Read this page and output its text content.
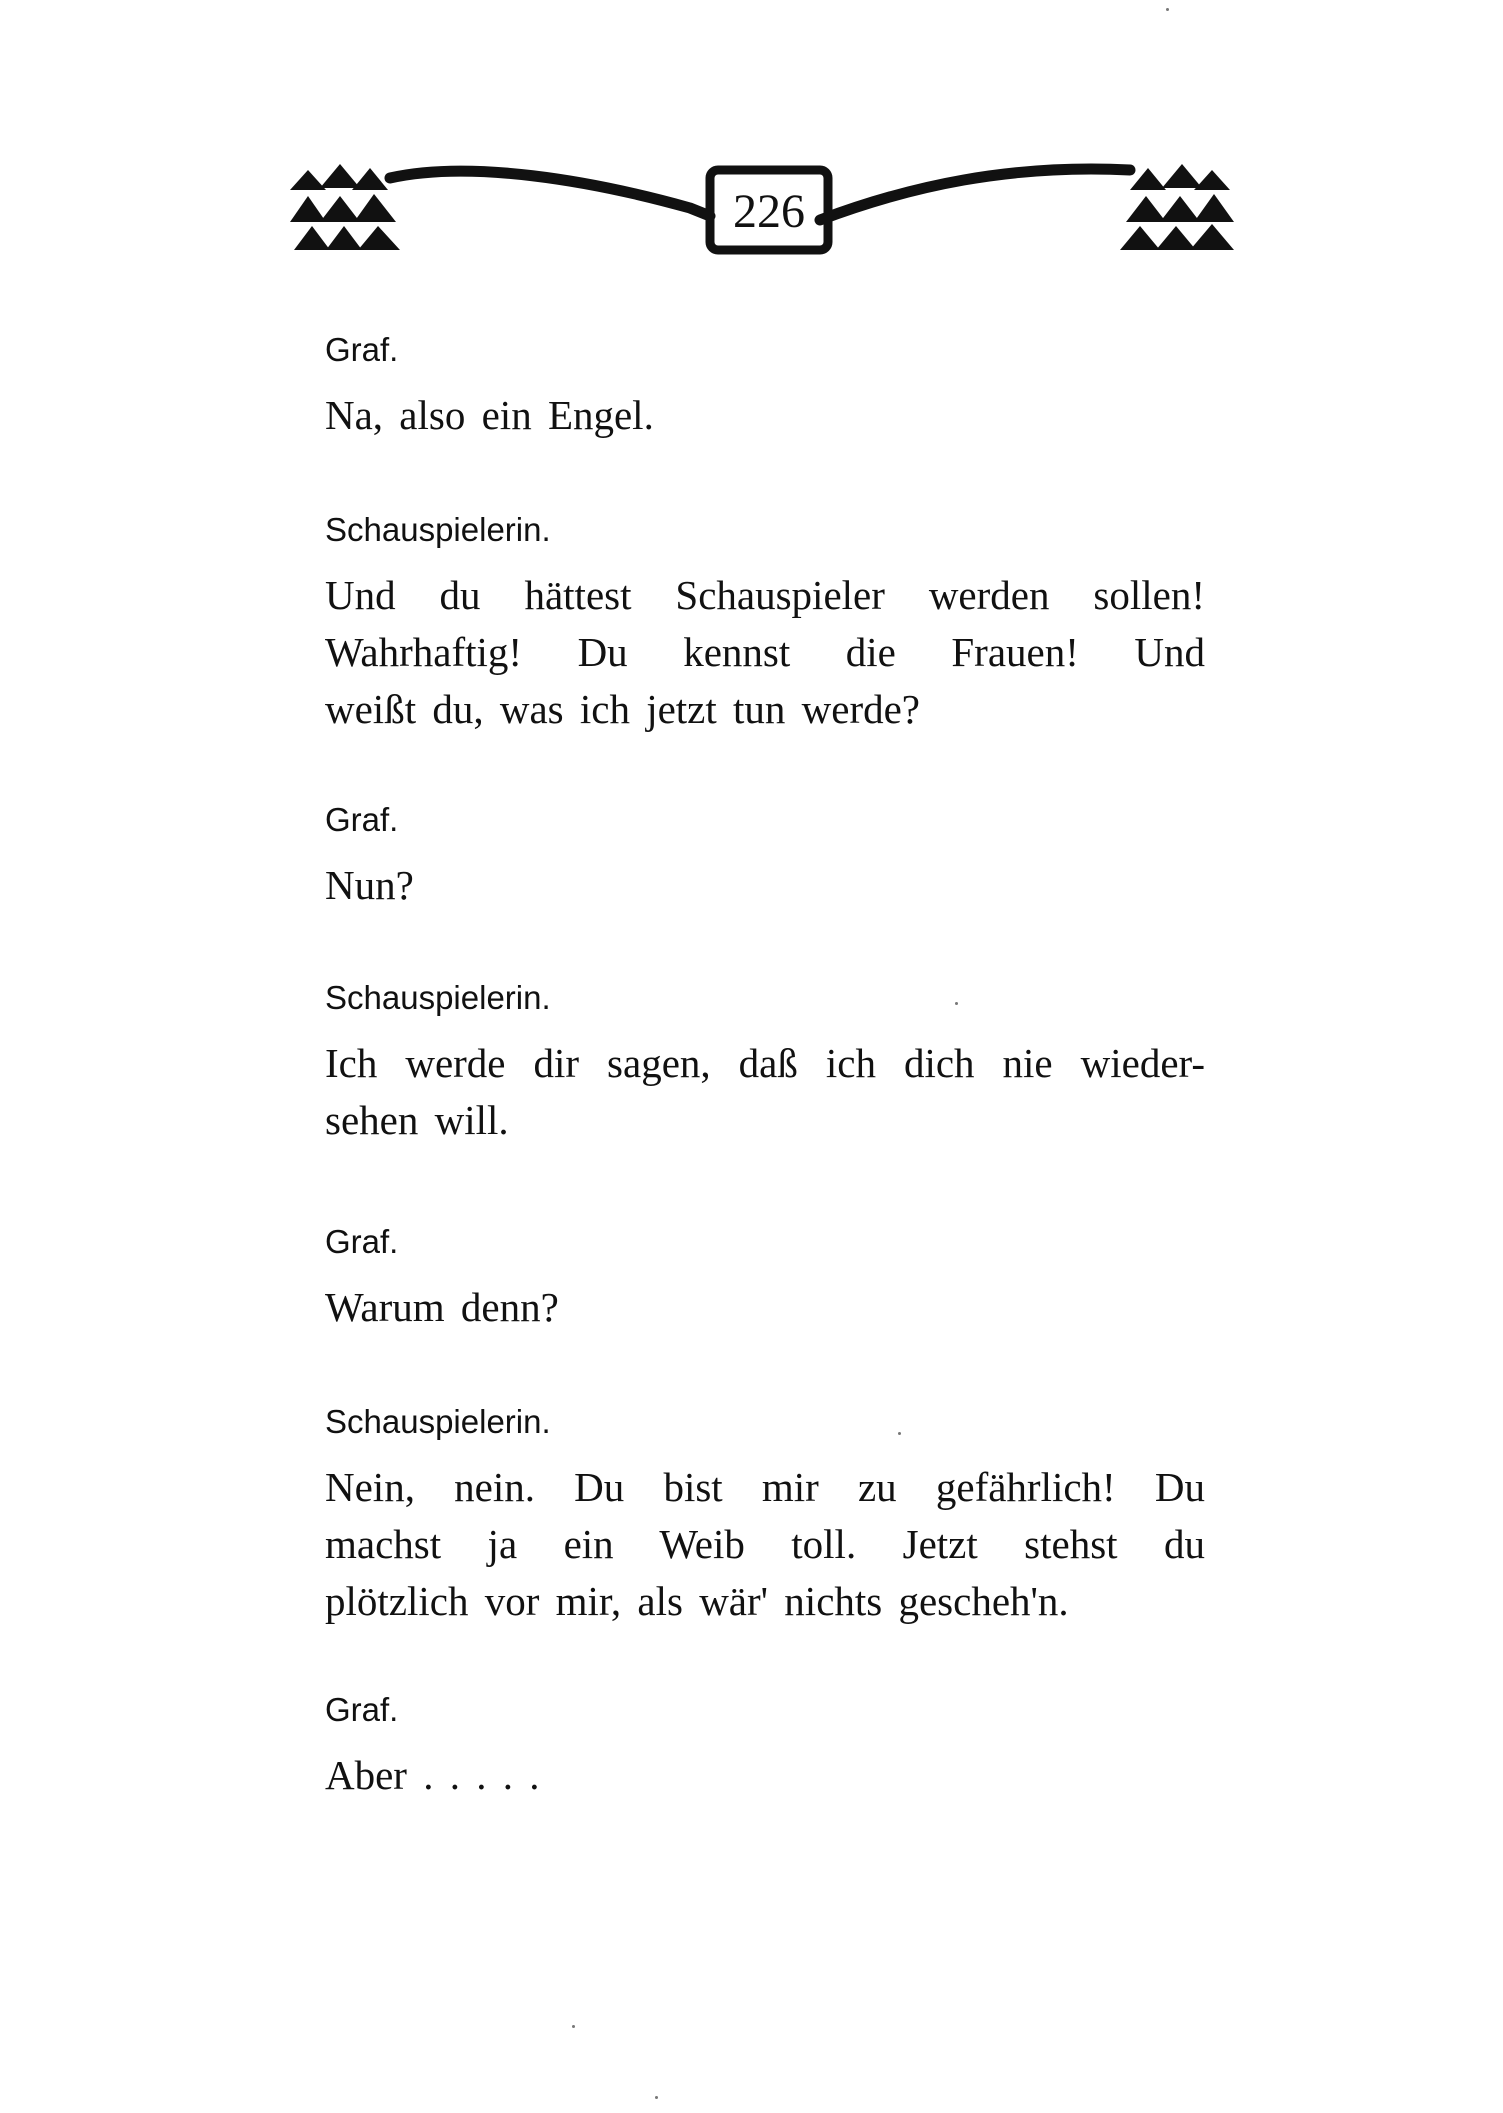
226
Graf.
Na, also ein Engel.
Schauspielerin.
Und du hättest Schauspieler werden sollen!
Wahrhaftig! Du kennst die Frauen! Und
weißt du, was ich jetzt tun werde?
Graf.
Nun?
Schauspielerin.
Ich werde dir sagen, daß ich dich nie wieder-
sehen will.
Graf.
Warum denn?
Schauspielerin.
Nein, nein. Du bist mir zu gefährlich! Du
machst ja ein Weib toll. Jetzt stehst du
plötzlich vor mir, als wär' nichts gescheh'n.
Graf.
Aber . . . . .
